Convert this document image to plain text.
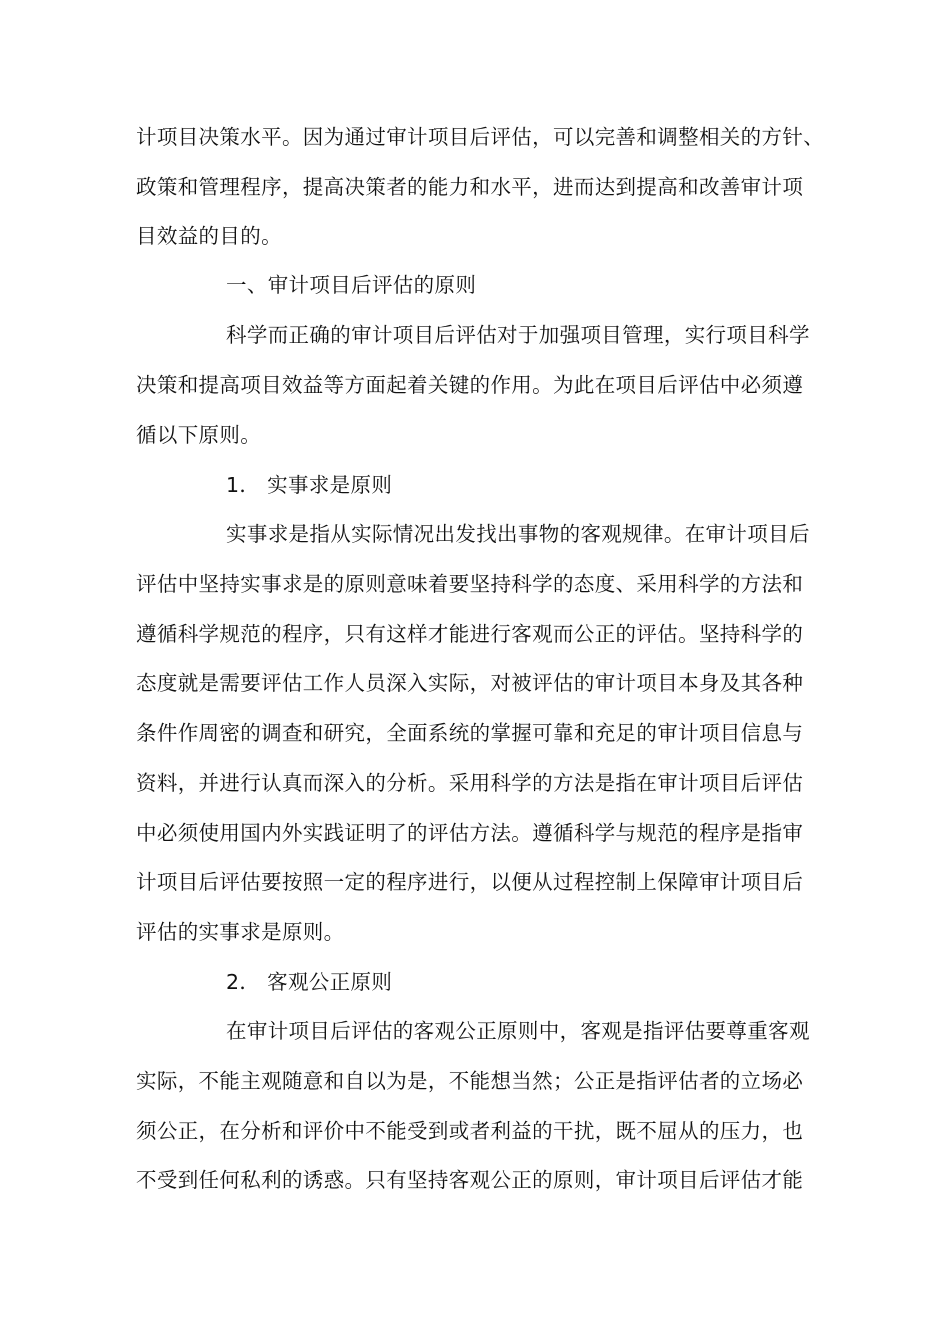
计项目决策水平。因为通过审计项目后评估，可以完善和调整相关的方针、
政策和管理程序，提高决策者的能力和水平，进而达到提高和改善审计项
目效益的目的。
一、审计项目后评估的原则
科学而正确的审计项目后评估对于加强项目管理，实行项目科学
决策和提高项目效益等方面起着关键的作用。为此在项目后评估中必须遵
循以下原则。
1． 实事求是原则
实事求是指从实际情况出发找出事物的客观规律。在审计项目后
评估中坚持实事求是的原则意味着要坚持科学的态度、采用科学的方法和
遵循科学规范的程序，只有这样才能进行客观而公正的评估。坚持科学的
态度就是需要评估工作人员深入实际，对被评估的审计项目本身及其各种
条件作周密的调查和研究，全面系统的掌握可靠和充足的审计项目信息与
资料，并进行认真而深入的分析。采用科学的方法是指在审计项目后评估
中必须使用国内外实践证明了的评估方法。遵循科学与规范的程序是指审
计项目后评估要按照一定的程序进行，以便从过程控制上保障审计项目后
评估的实事求是原则。
2． 客观公正原则
在审计项目后评估的客观公正原则中，客观是指评估要尊重客观
实际，不能主观随意和自以为是，不能想当然；公正是指评估者的立场必
须公正，在分析和评价中不能受到或者利益的干扰，既不屈从的压力，也
不受到任何私利的诱惑。只有坚持客观公正的原则，审计项目后评估才能
